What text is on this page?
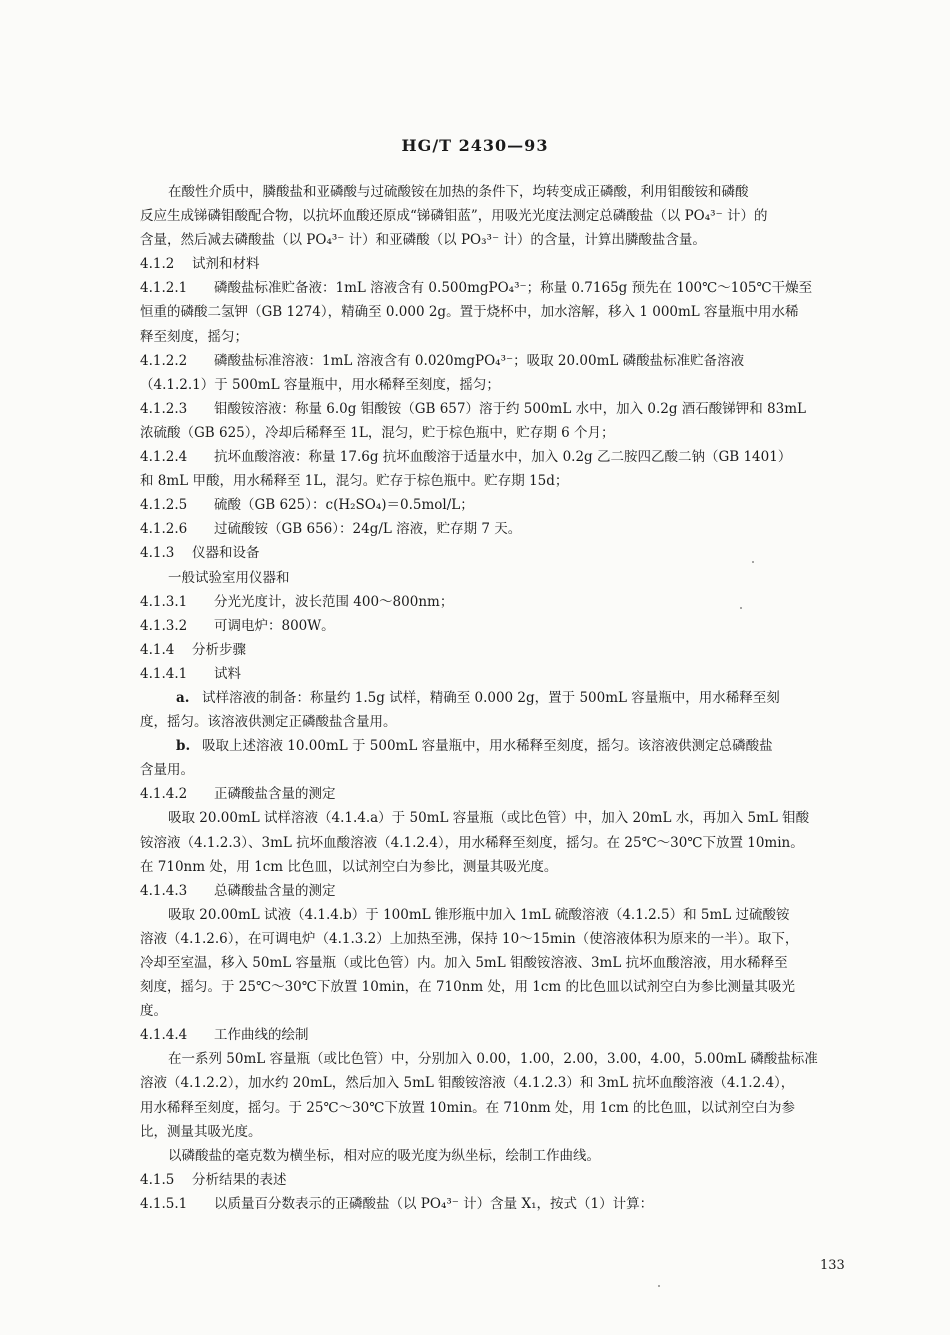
HG/T 2430—93
在酸性介质中，膦酸盐和亚磷酸与过硫酸铵在加热的条件下，均转变成正磷酸，利用钼酸铵和磷酸
反应生成锑磷钼酸配合物，以抗坏血酸还原成“锑磷钼蓝”，用吸光光度法测定总磷酸盐（以 PO₄³⁻ 计）的
含量，然后减去磷酸盐（以 PO₄³⁻ 计）和亚磷酸（以 PO₃³⁻ 计）的含量，计算出膦酸盐含量。
4.1.2 试剂和材料
4.1.2.1 磷酸盐标准贮备液：1mL 溶液含有 0.500mgPO₄³⁻；称量 0.7165g 预先在 100℃～105℃干燥至
恒重的磷酸二氢钾（GB 1274），精确至 0.000 2g。置于烧杯中，加水溶解，移入 1 000mL 容量瓶中用水稀
释至刻度，摇匀；
4.1.2.2 磷酸盐标准溶液：1mL 溶液含有 0.020mgPO₄³⁻；吸取 20.00mL 磷酸盐标准贮备溶液
（4.1.2.1）于 500mL 容量瓶中，用水稀释至刻度，摇匀；
4.1.2.3 钼酸铵溶液：称量 6.0g 钼酸铵（GB 657）溶于约 500mL 水中，加入 0.2g 酒石酸锑钾和 83mL
浓硫酸（GB 625），冷却后稀释至 1L，混匀，贮于棕色瓶中，贮存期 6 个月；
4.1.2.4 抗坏血酸溶液：称量 17.6g 抗坏血酸溶于适量水中，加入 0.2g 乙二胺四乙酸二钠（GB 1401）
和 8mL 甲酸，用水稀释至 1L，混匀。贮存于棕色瓶中。贮存期 15d；
4.1.2.5 硫酸（GB 625）：c(H₂SO₄)＝0.5mol/L；
4.1.2.6 过硫酸铵（GB 656）：24g/L 溶液，贮存期 7 天。
4.1.3 仪器和设备
一般试验室用仪器和
4.1.3.1 分光光度计，波长范围 400～800nm；
4.1.3.2 可调电炉：800W。
4.1.4 分析步骤
4.1.4.1 试料
a. 试样溶液的制备：称量约 1.5g 试样，精确至 0.000 2g，置于 500mL 容量瓶中，用水稀释至刻
度，摇匀。该溶液供测定正磷酸盐含量用。
b. 吸取上述溶液 10.00mL 于 500mL 容量瓶中，用水稀释至刻度，摇匀。该溶液供测定总磷酸盐
含量用。
4.1.4.2 正磷酸盐含量的测定
吸取 20.00mL 试样溶液（4.1.4.a）于 50mL 容量瓶（或比色管）中，加入 20mL 水，再加入 5mL 钼酸
铵溶液（4.1.2.3）、3mL 抗坏血酸溶液（4.1.2.4），用水稀释至刻度，摇匀。在 25℃～30℃下放置 10min。
在 710nm 处，用 1cm 比色皿，以试剂空白为参比，测量其吸光度。
4.1.4.3 总磷酸盐含量的测定
吸取 20.00mL 试液（4.1.4.b）于 100mL 锥形瓶中加入 1mL 硫酸溶液（4.1.2.5）和 5mL 过硫酸铵
溶液（4.1.2.6），在可调电炉（4.1.3.2）上加热至沸，保持 10～15min（使溶液体积为原来的一半）。取下，
冷却至室温，移入 50mL 容量瓶（或比色管）内。加入 5mL 钼酸铵溶液、3mL 抗坏血酸溶液，用水稀释至
刻度，摇匀。于 25℃～30℃下放置 10min，在 710nm 处，用 1cm 的比色皿以试剂空白为参比测量其吸光
度。
4.1.4.4 工作曲线的绘制
在一系列 50mL 容量瓶（或比色管）中，分别加入 0.00，1.00，2.00，3.00，4.00，5.00mL 磷酸盐标准
溶液（4.1.2.2），加水约 20mL，然后加入 5mL 钼酸铵溶液（4.1.2.3）和 3mL 抗坏血酸溶液（4.1.2.4），
用水稀释至刻度，摇匀。于 25℃～30℃下放置 10min。在 710nm 处，用 1cm 的比色皿，以试剂空白为参
比，测量其吸光度。
以磷酸盐的毫克数为横坐标，相对应的吸光度为纵坐标，绘制工作曲线。
4.1.5 分析结果的表述
4.1.5.1 以质量百分数表示的正磷酸盐（以 PO₄³⁻ 计）含量 X₁，按式（1）计算：
133
